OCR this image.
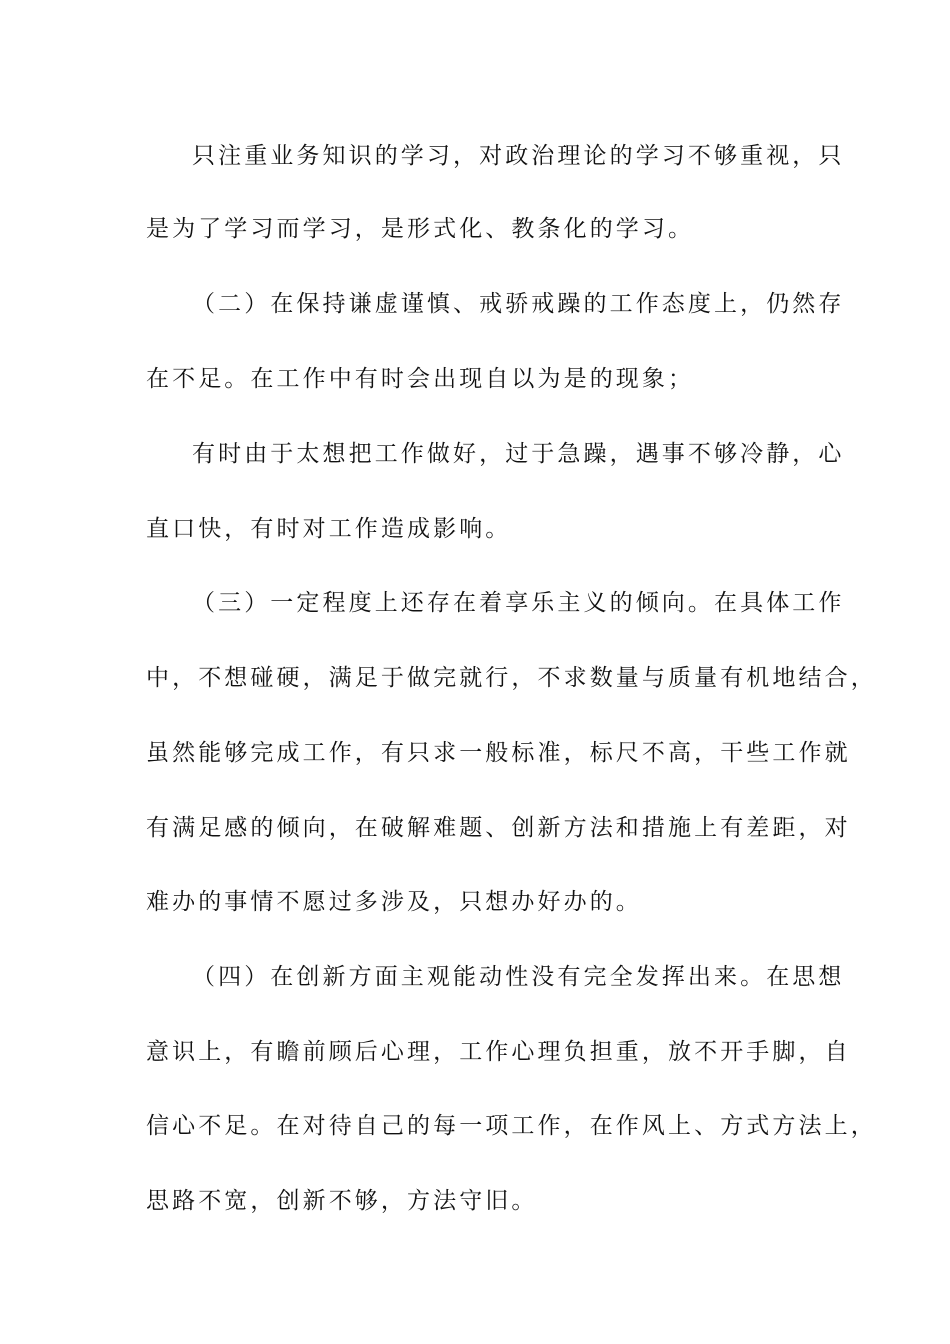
只注重业务知识的学习，对政治理论的学习不够重视，只
是为了学习而学习，是形式化、教条化的学习。
（二）在保持谦虚谨慎、戒骄戒躁的工作态度上，仍然存
在不足。在工作中有时会出现自以为是的现象；
有时由于太想把工作做好，过于急躁，遇事不够冷静，心
直口快，有时对工作造成影响。
（三）一定程度上还存在着享乐主义的倾向。在具体工作
中，不想碰硬，满足于做完就行，不求数量与质量有机地结合，
虽然能够完成工作，有只求一般标准，标尺不高，干些工作就
有满足感的倾向，在破解难题、创新方法和措施上有差距，对
难办的事情不愿过多涉及，只想办好办的。
（四）在创新方面主观能动性没有完全发挥出来。在思想
意识上，有瞻前顾后心理，工作心理负担重，放不开手脚，自
信心不足。在对待自己的每一项工作，在作风上、方式方法上，
思路不宽，创新不够，方法守旧。
